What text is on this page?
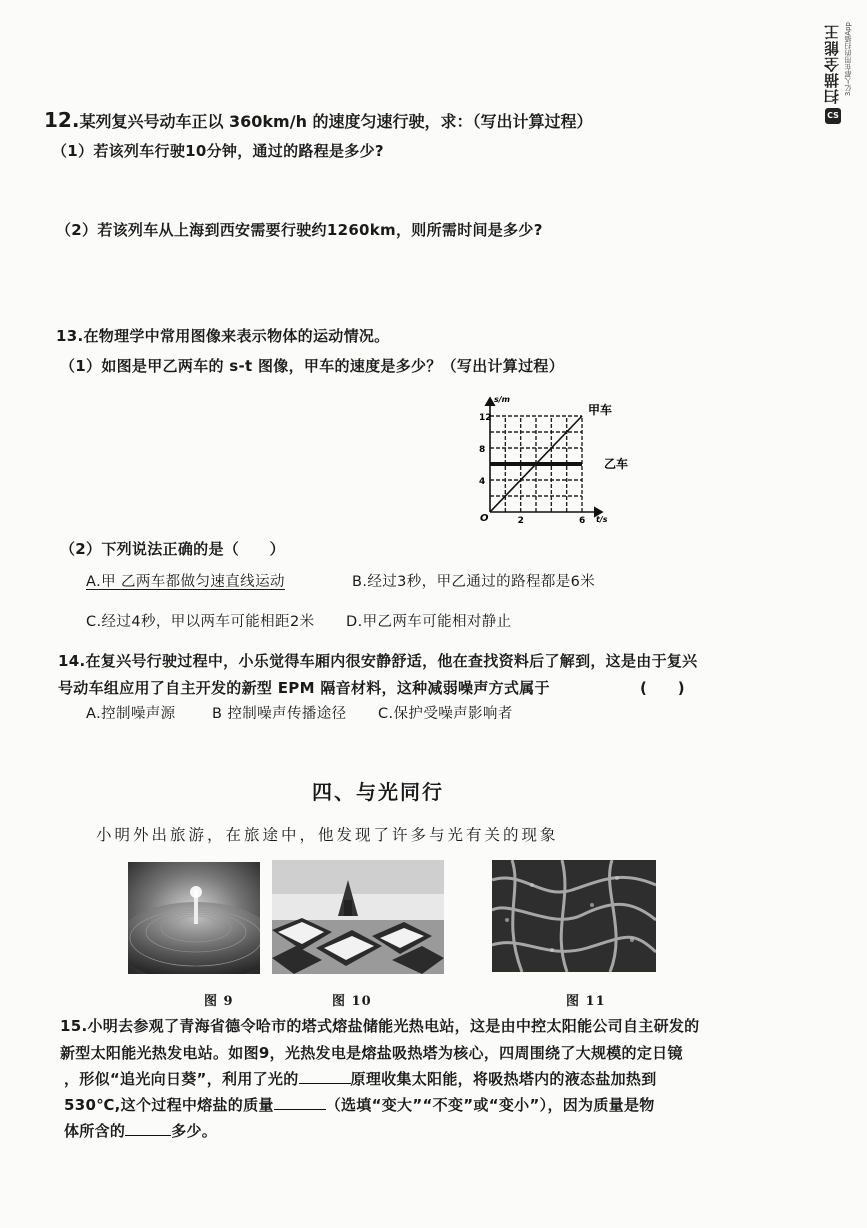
扫描全能王 3亿人都在用的扫描App
CS
12.某列复兴号动车正以 360km/h 的速度匀速行驶，求：（写出计算过程）
（1）若该列车行驶10分钟，通过的路程是多少?
（2）若该列车从上海到西安需要行驶约1260km，则所需时间是多少?
13.在物理学中常用图像来表示物体的运动情况。
（1）如图是甲乙两车的 s-t 图像，甲车的速度是多少？（写出计算过程）
s/m
t/s
O
4
8
12
2	6
甲车
乙车
（2）下列说法正确的是（　　）
A.甲 乙两车都做匀速直线运动	B.经过3秒，甲乙通过的路程都是6米
C.经过4秒，甲以两车可能相距2米 D.甲乙两车可能相对静止
14.在复兴号行驶过程中，小乐觉得车厢内很安静舒适，他在查找资料后了解到，这是由于复兴
号动车组应用了自主开发的新型 EPM 隔音材料，这种减弱噪声方式属于	(　　)
A.控制噪声源	B 控制噪声传播途径 C.保护受噪声影响者
四、与光同行
小明外出旅游，在旅途中，他发现了许多与光有关的现象
图 9	图 10	图 11
15.小明去参观了青海省德令哈市的塔式熔盐储能光热电站，这是由中控太阳能公司自主研发的
新型太阳能光热发电站。如图9，光热发电是熔盐吸热塔为核心，四周围绕了大规模的定日镜
，形似“追光向日葵”，利用了光的	原理收集太阳能，将吸热塔内的液态盐加热到
530℃,这个过程中熔盐的质量	（选填“变大”“不变”或“变小”），因为质量是物
体所含的	多少。
